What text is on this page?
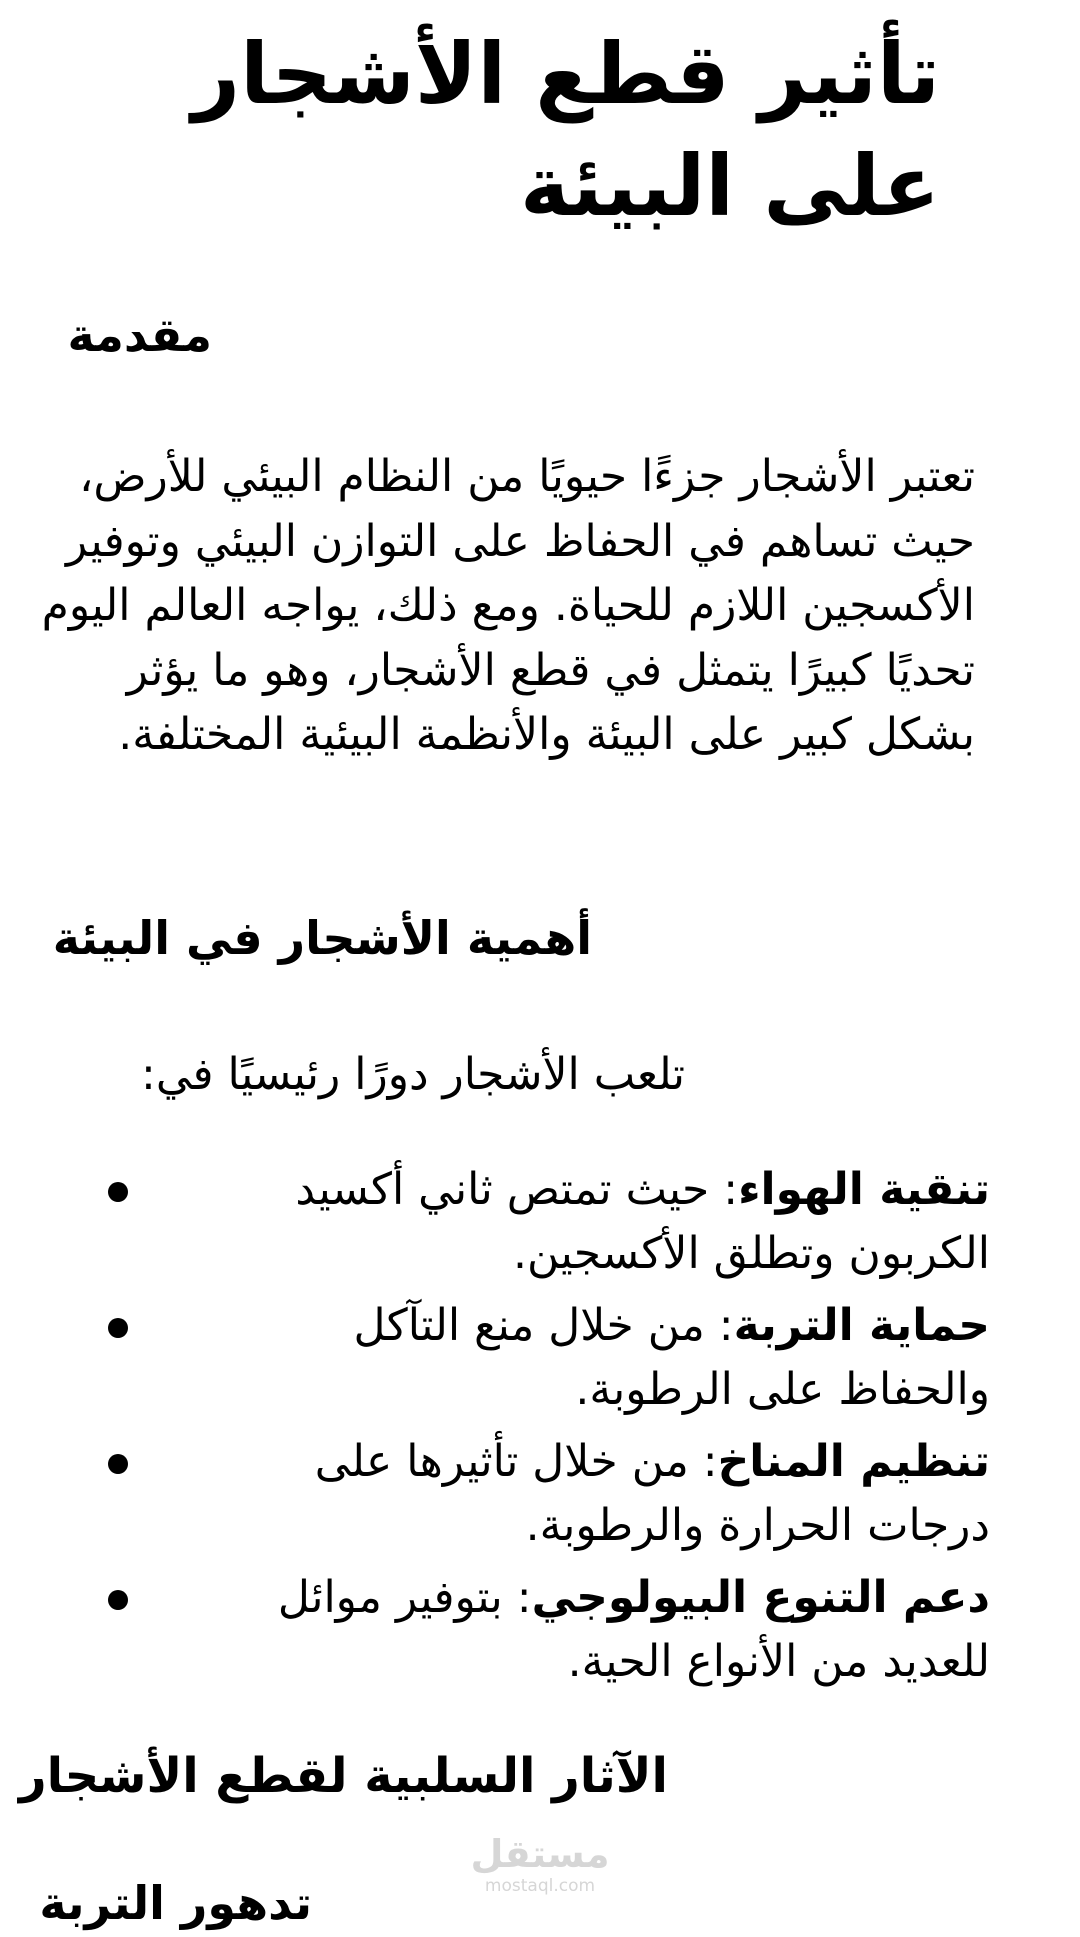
تأثير قطع الأشجار على البيئة
مقدمة

تعتبر الأشجار جزءًا حيويًا من النظام البيئي للأرض، حيث تساهم في الحفاظ على التوازن البيئي وتوفير الأكسجين اللازم للحياة. ومع ذلك، يواجه العالم اليوم تحديًا كبيرًا يتمثل في قطع الأشجار، وهو ما يؤثر بشكل كبير على البيئة والأنظمة البيئية المختلفة.

أهمية الأشجار في البيئة

تلعب الأشجار دورًا رئيسيًا في:

تنقية الهواء: حيث تمتص ثاني أكسيد
الكربون وتطلق الأكسجين.
حماية التربة: من خلال منع التآكل
والحفاظ على الرطوبة.
تنظيم المناخ: من خلال تأثيرها على
درجات الحرارة والرطوبة.
دعم التنوع البيولوجي: بتوفير موائل
للعديد من الأنواع الحية.
الآثار السلبية لقطع الأشجار
تدهور التربة
مستقل
mostaql.com
